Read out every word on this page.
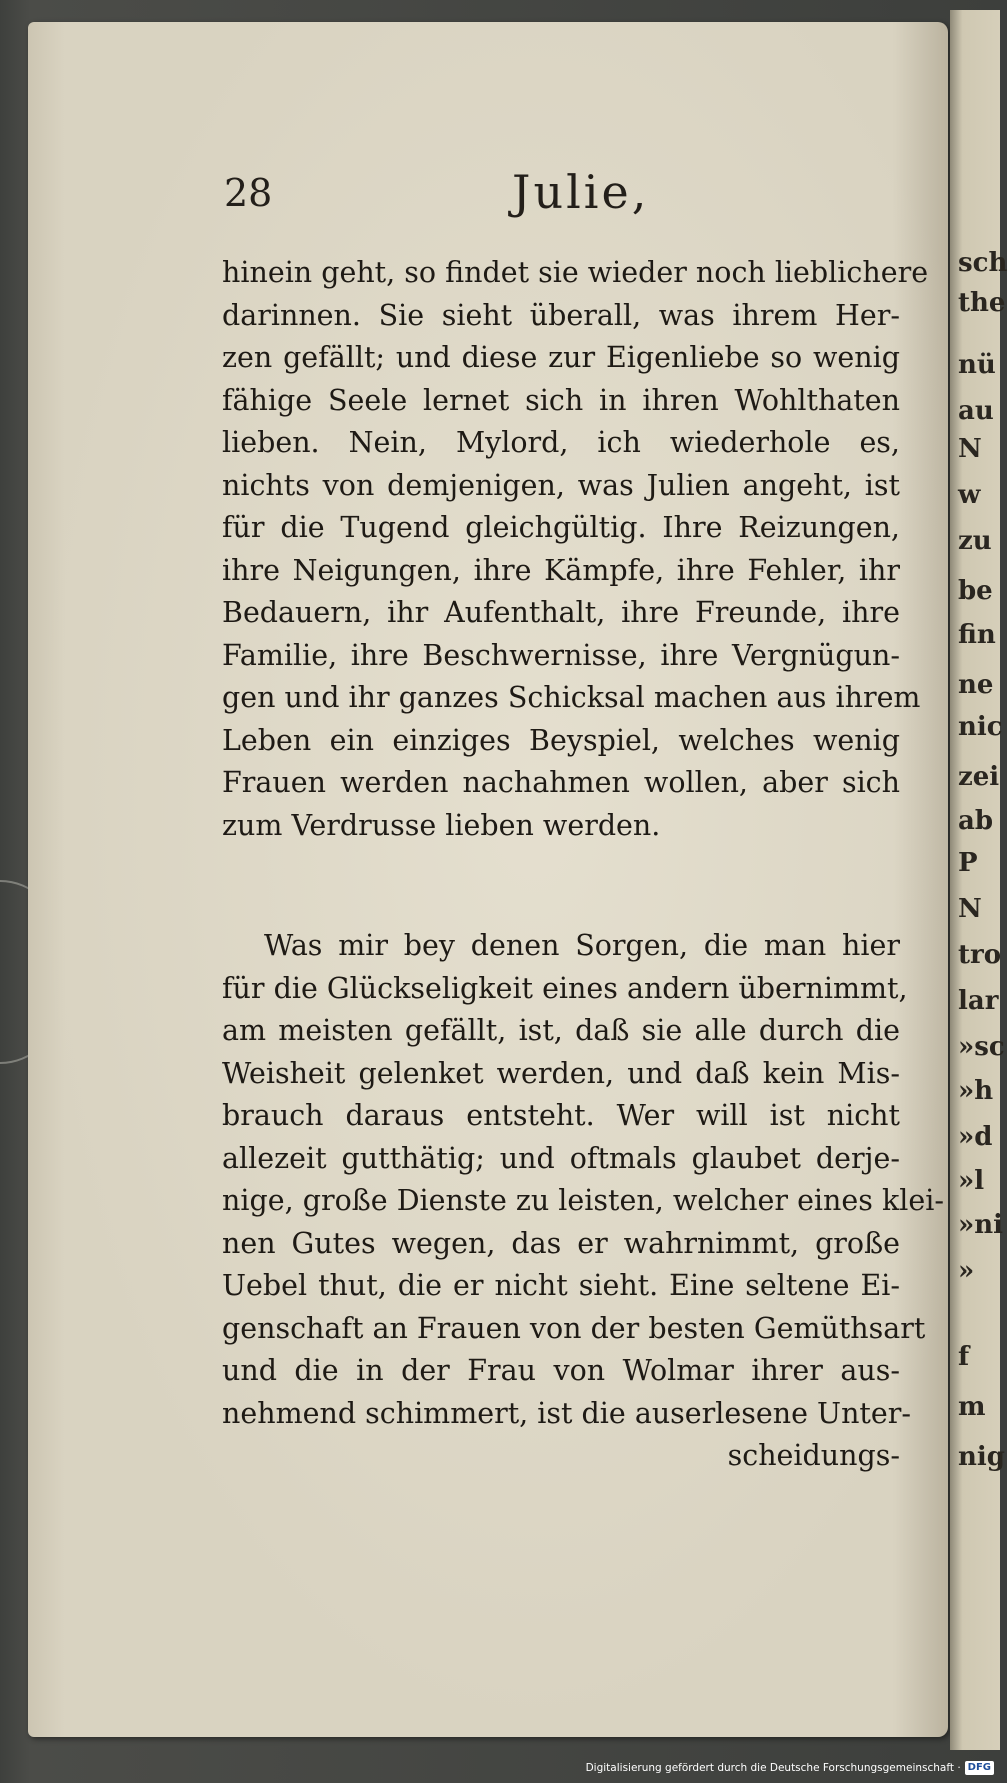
sch
the
nü
au
N
w
zu
be
fin
ne
nic
zei
ab
P
N
tro
lar
»sc
»h
»d
»l
»ni
»
f
m
nig
28	Julie,
hinein geht, so findet sie wieder noch lieblichere
darinnen. Sie sieht überall, was ihrem Her-
zen gefällt; und diese zur Eigenliebe so wenig
fähige Seele lernet sich in ihren Wohlthaten
lieben. Nein, Mylord, ich wiederhole es,
nichts von demjenigen, was Julien angeht, ist
für die Tugend gleichgültig. Ihre Reizungen,
ihre Neigungen, ihre Kämpfe, ihre Fehler, ihr
Bedauern, ihr Aufenthalt, ihre Freunde, ihre
Familie, ihre Beschwernisse, ihre Vergnügun-
gen und ihr ganzes Schicksal machen aus ihrem
Leben ein einziges Beyspiel, welches wenig
Frauen werden nachahmen wollen, aber sich
zum Verdrusse lieben werden.
Was mir bey denen Sorgen, die man hier
für die Glückseligkeit eines andern übernimmt,
am meisten gefällt, ist, daß sie alle durch die
Weisheit gelenket werden, und daß kein Mis-
brauch daraus entsteht. Wer will ist nicht
allezeit gutthätig; und oftmals glaubet derje-
nige, große Dienste zu leisten, welcher eines klei-
nen Gutes wegen, das er wahrnimmt, große
Uebel thut, die er nicht sieht. Eine seltene Ei-
genschaft an Frauen von der besten Gemüthsart
und die in der Frau von Wolmar ihrer aus-
nehmend schimmert, ist die auserlesene Unter-
scheidungs-
Digitalisierung gefördert durch die Deutsche Forschungsgemeinschaft · DFG
